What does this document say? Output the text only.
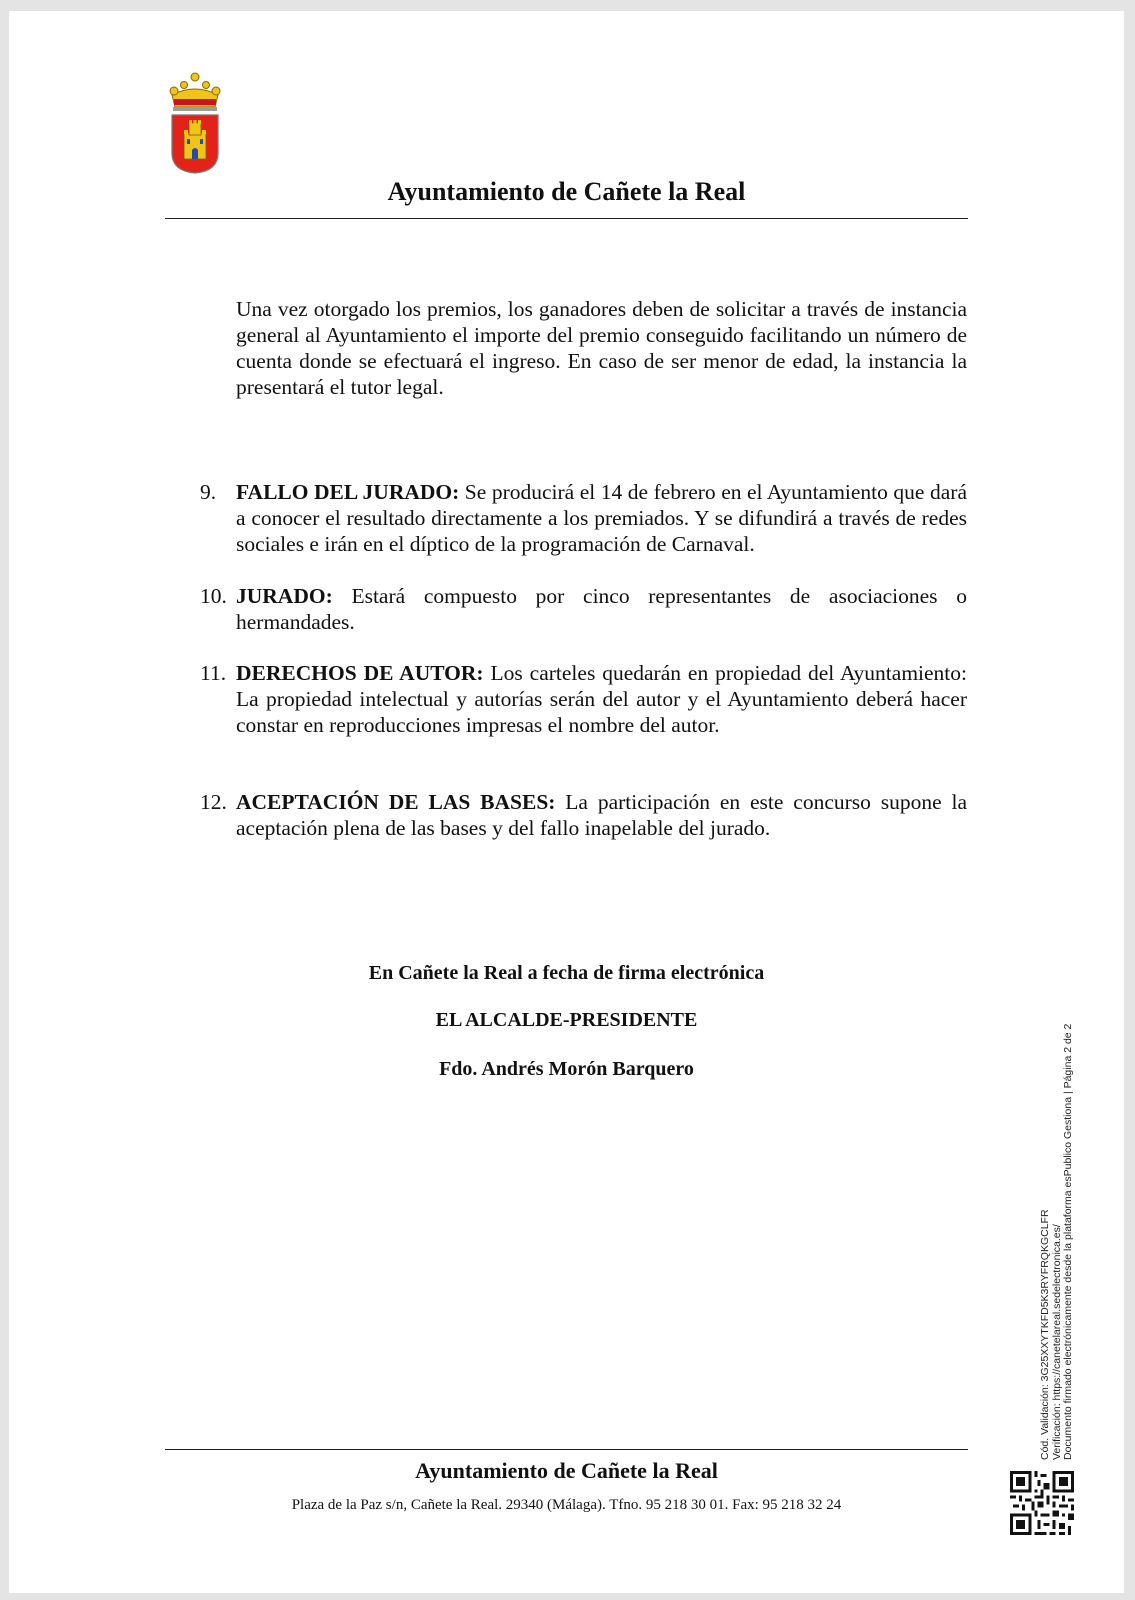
Ayuntamiento de Cañete la Real

Una vez otorgado los premios, los ganadores deben de solicitar a través de instancia general al Ayuntamiento el importe del premio conseguido facilitando un número de cuenta donde se efectuará el ingreso. En caso de ser menor de edad, la instancia la presentará el tutor legal.

9. FALLO DEL JURADO: Se producirá el 14 de febrero en el Ayuntamiento que dará a conocer el resultado directamente a los premiados. Y se difundirá a través de redes sociales e irán en el díptico de la programación de Carnaval.

10. JURADO: Estará compuesto por cinco representantes de asociaciones o hermandades.

11. DERECHOS DE AUTOR: Los carteles quedarán en propiedad del Ayuntamiento: La propiedad intelectual y autorías serán del autor y el Ayuntamiento deberá hacer constar en reproducciones impresas el nombre del autor.

12. ACEPTACIÓN DE LAS BASES: La participación en este concurso supone la aceptación plena de las bases y del fallo inapelable del jurado.

En Cañete la Real a fecha de firma electrónica
EL ALCALDE-PRESIDENTE
Fdo. Andrés Morón Barquero
Ayuntamiento de Cañete la Real
Plaza de la Paz s/n, Cañete la Real. 29340 (Málaga). Tfno. 95 218 30 01. Fax: 95 218 32 24
Cód. Validación: 3G25XXYTKFD5K3RYFRQKGCLFR Verificación: https://canetelareal.sedelectronica.es/ Documento firmado electrónicamente desde la plataforma esPublico Gestiona | Página 2 de 2
